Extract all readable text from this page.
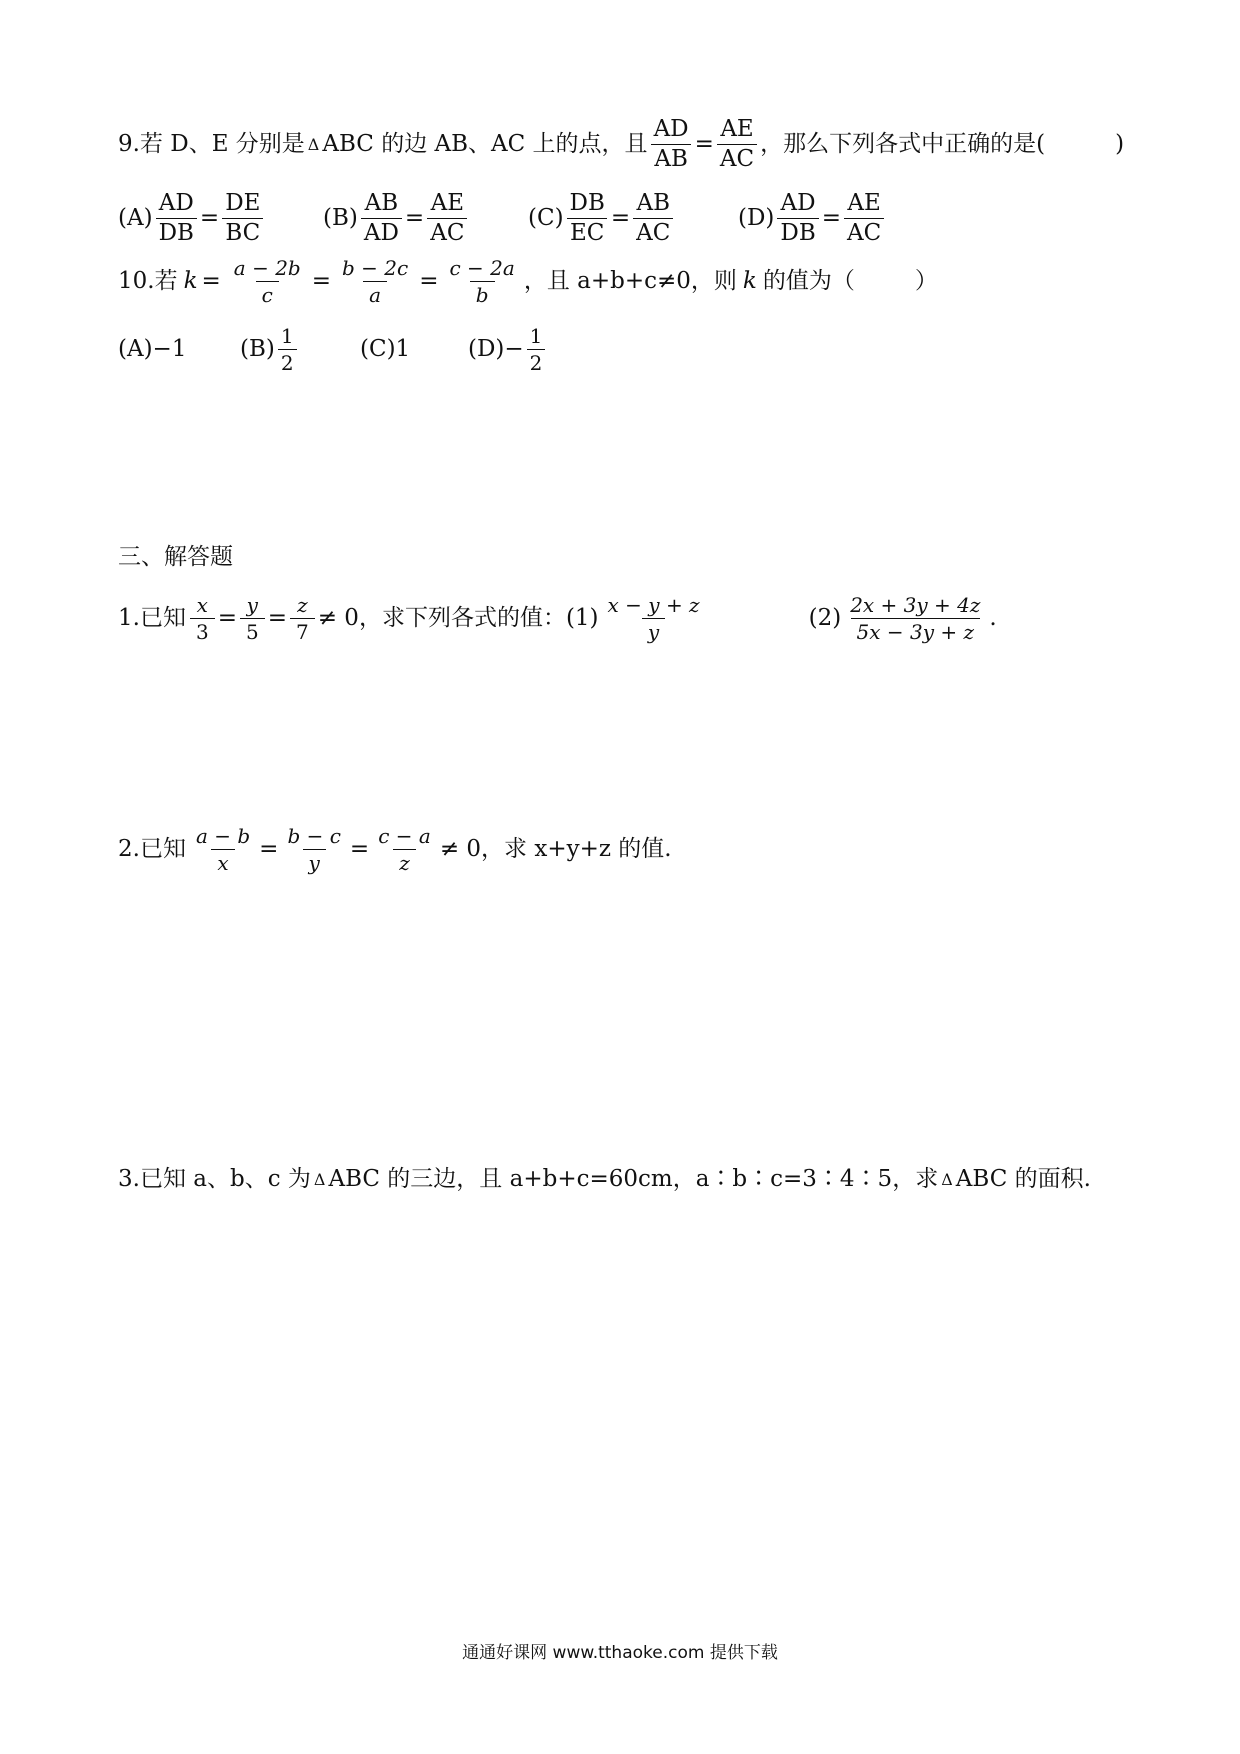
9.若 D、E 分别是 Δ ABC 的边 AB、AC 上的点，且 $\frac{AD}{AB} = \frac{AE}{AC}$ ，那么下列各式中正确的是(	)
$(A) \frac{AD}{DB} = \frac{DE}{BC}$	$(B) \frac{AB}{AD} = \frac{AE}{AC}$	$(C) \frac{DB}{EC} = \frac{AB}{AC}$	$(D) \frac{AD}{DB} = \frac{AE}{AC}$
10.若 $k = \frac{a - 2b}{c} = \frac{b - 2c}{a} = \frac{c - 2a}{b}$ ，且 a+b+c≠0，则 k 的值为（	）
(A)−1	$(B) \frac{1}{2}$	(C)1	$(D)- \frac{1}{2}$
三、解答题
1.已知 $\frac{x}{3} = \frac{y}{5} = \frac{z}{7} \ne 0$ ，求下列各式的值：$(1) \frac{x - y + z}{y}$	$(2) \frac{2x + 3y + 4z}{5x - 3y + z}$ .
2.已知 $\frac{a - b}{x} = \frac{b - c}{y} = \frac{c - a}{z} \ne 0$ ，求 x+y+z 的值.
3.已知 a、b、c 为 Δ ABC 的三边，且 a+b+c=60cm，a∶b∶c=3∶4∶5，求 Δ ABC 的面积.
通通好课网 www.tthaoke.com 提供下载
